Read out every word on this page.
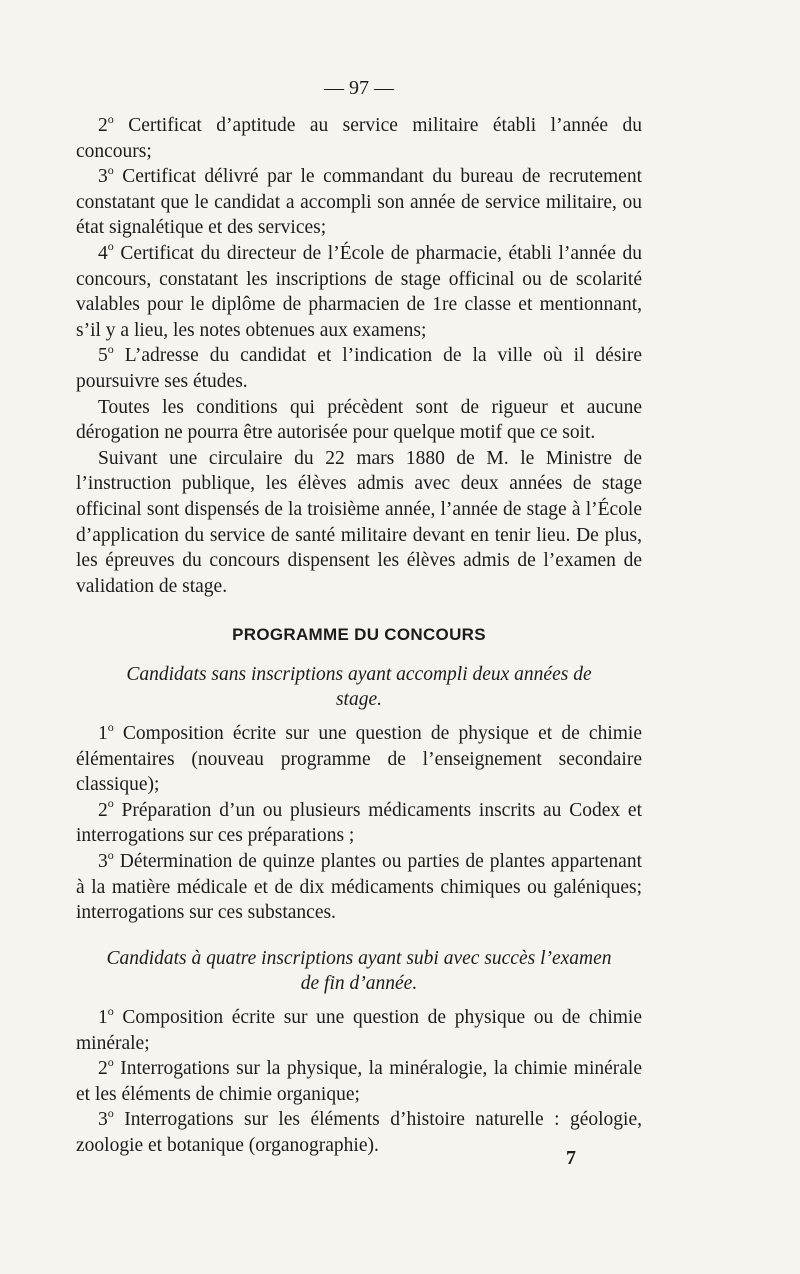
— 97 —

2$^o$ Certificat d’aptitude au service militaire établi l’année du concours;

3$^o$ Certificat délivré par le commandant du bureau de recrutement constatant que le candidat a accompli son année de service militaire, ou état signalétique et des services;

4$^o$ Certificat du directeur de l’École de pharmacie, établi l’année du concours, constatant les inscriptions de stage officinal ou de scolarité valables pour le diplôme de pharmacien de 1re classe et mentionnant, s’il y a lieu, les notes obtenues aux examens;

5$^o$ L’adresse du candidat et l’indication de la ville où il désire poursuivre ses études.

Toutes les conditions qui précèdent sont de rigueur et aucune dérogation ne pourra être autorisée pour quelque motif que ce soit.

Suivant une circulaire du 22 mars 1880 de M. le Ministre de l’instruction publique, les élèves admis avec deux années de stage officinal sont dispensés de la troisième année, l’année de stage à l’École d’application du service de santé militaire devant en tenir lieu. De plus, les épreuves du concours dispensent les élèves admis de l’examen de validation de stage.

PROGRAMME DU CONCOURS
Candidats sans inscriptions ayant accompli deux années de stage.

1$^o$ Composition écrite sur une question de physique et de chimie élémentaires (nouveau programme de l’enseignement secondaire classique);

2$^o$ Préparation d’un ou plusieurs médicaments inscrits au Codex et interrogations sur ces préparations ;

3$^o$ Détermination de quinze plantes ou parties de plantes appartenant à la matière médicale et de dix médicaments chimiques ou galéniques; interrogations sur ces substances.

Candidats à quatre inscriptions ayant subi avec succès l’examen de fin d’année.

1$^o$ Composition écrite sur une question de physique ou de chimie minérale;

2$^o$ Interrogations sur la physique, la minéralogie, la chimie minérale et les éléments de chimie organique;

3$^o$ Interrogations sur les éléments d’histoire naturelle : géologie, zoologie et botanique (organographie).

7
